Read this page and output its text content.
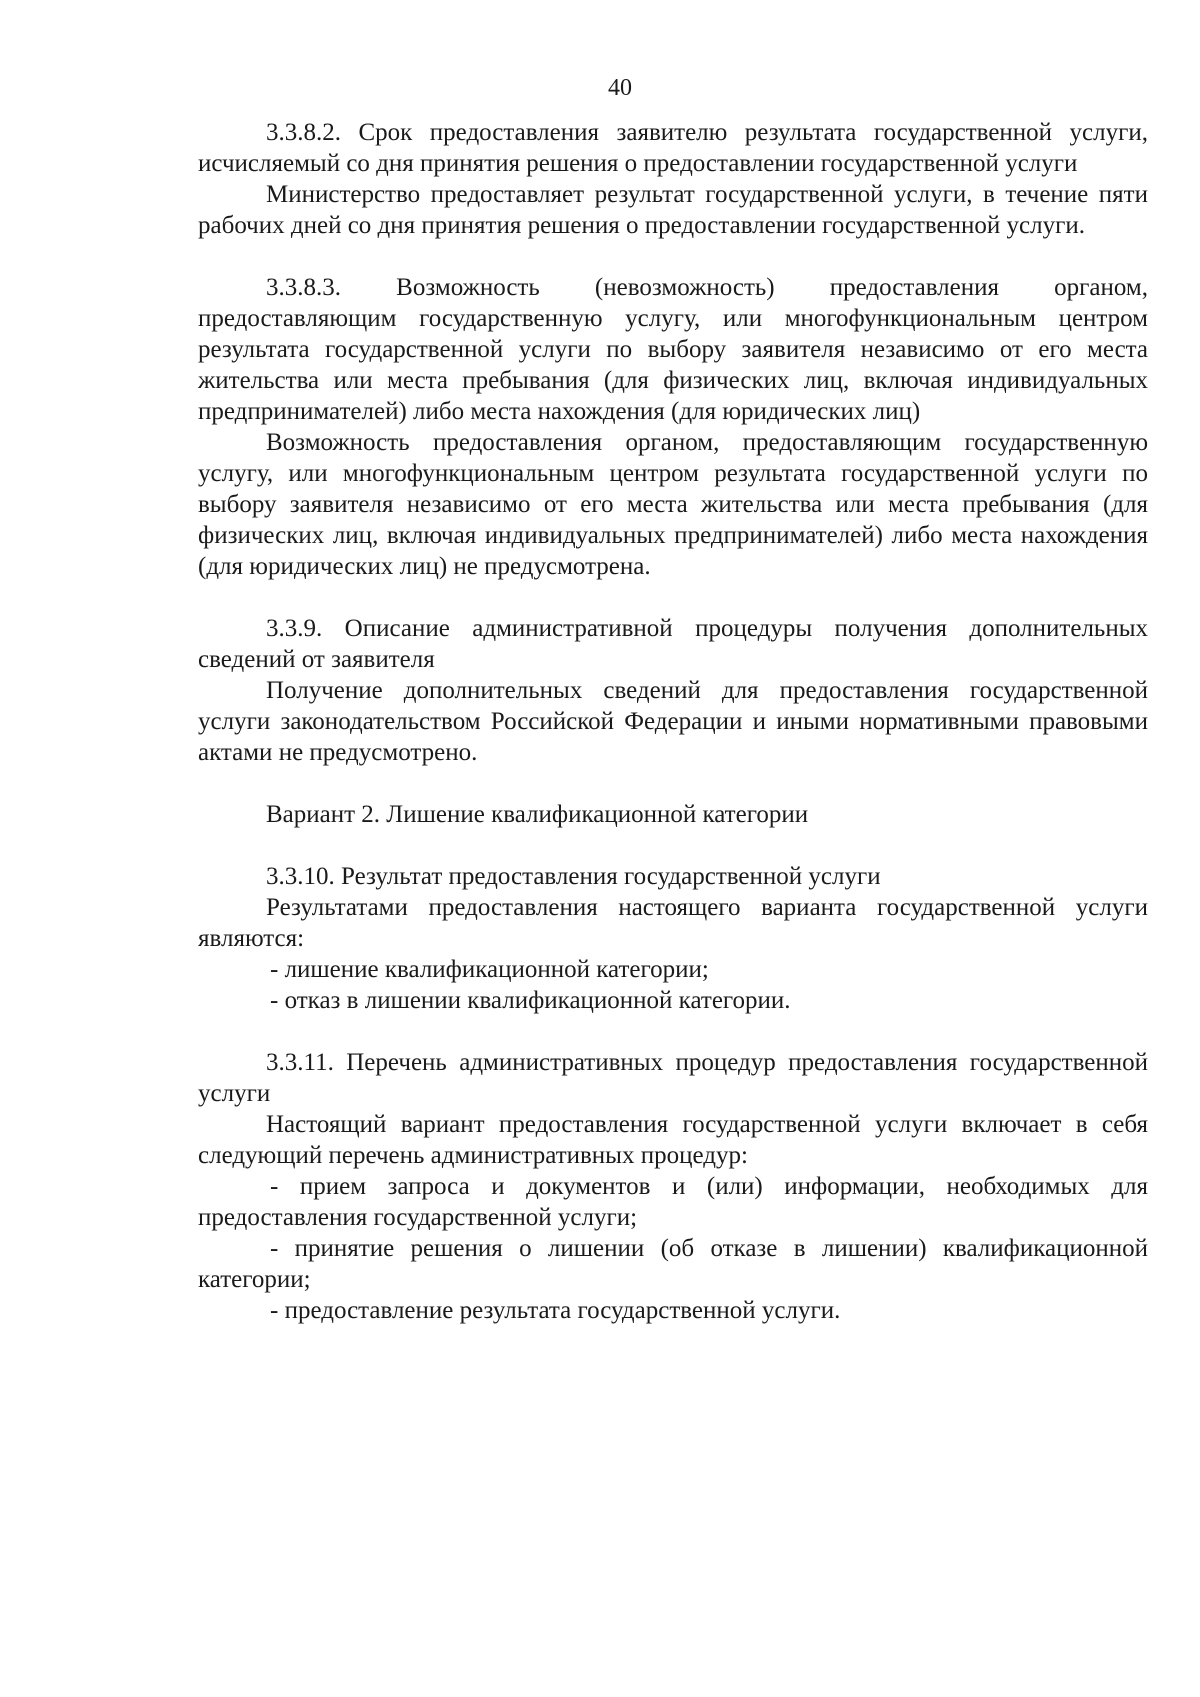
40

3.3.8.2. Срок предоставления заявителю результата государственной услуги, исчисляемый со дня принятия решения о предоставлении государственной услуги

Министерство предоставляет результат государственной услуги, в течение пяти рабочих дней со дня принятия решения о предоставлении государственной услуги.

3.3.8.3. Возможность (невозможность) предоставления органом, предоставляющим государственную услугу, или многофункциональным центром результата государственной услуги по выбору заявителя независимо от его места жительства или места пребывания (для физических лиц, включая индивидуальных предпринимателей) либо места нахождения (для юридических лиц)

Возможность предоставления органом, предоставляющим государственную услугу, или многофункциональным центром результата государственной услуги по выбору заявителя независимо от его места жительства или места пребывания (для физических лиц, включая индивидуальных предпринимателей) либо места нахождения (для юридических лиц) не предусмотрена.

3.3.9. Описание административной процедуры получения дополнительных сведений от заявителя

Получение дополнительных сведений для предоставления государственной услуги законодательством Российской Федерации и иными нормативными правовыми актами не предусмотрено.

Вариант 2. Лишение квалификационной категории

3.3.10. Результат предоставления государственной услуги

Результатами предоставления настоящего варианта государственной услуги являются:

- лишение квалификационной категории;

- отказ в лишении квалификационной категории.

3.3.11. Перечень административных процедур предоставления государственной услуги

Настоящий вариант предоставления государственной услуги включает в себя следующий перечень административных процедур:

- прием запроса и документов и (или) информации, необходимых для предоставления государственной услуги;

- принятие решения о лишении (об отказе в лишении) квалификационной категории;

- предоставление результата государственной услуги.
